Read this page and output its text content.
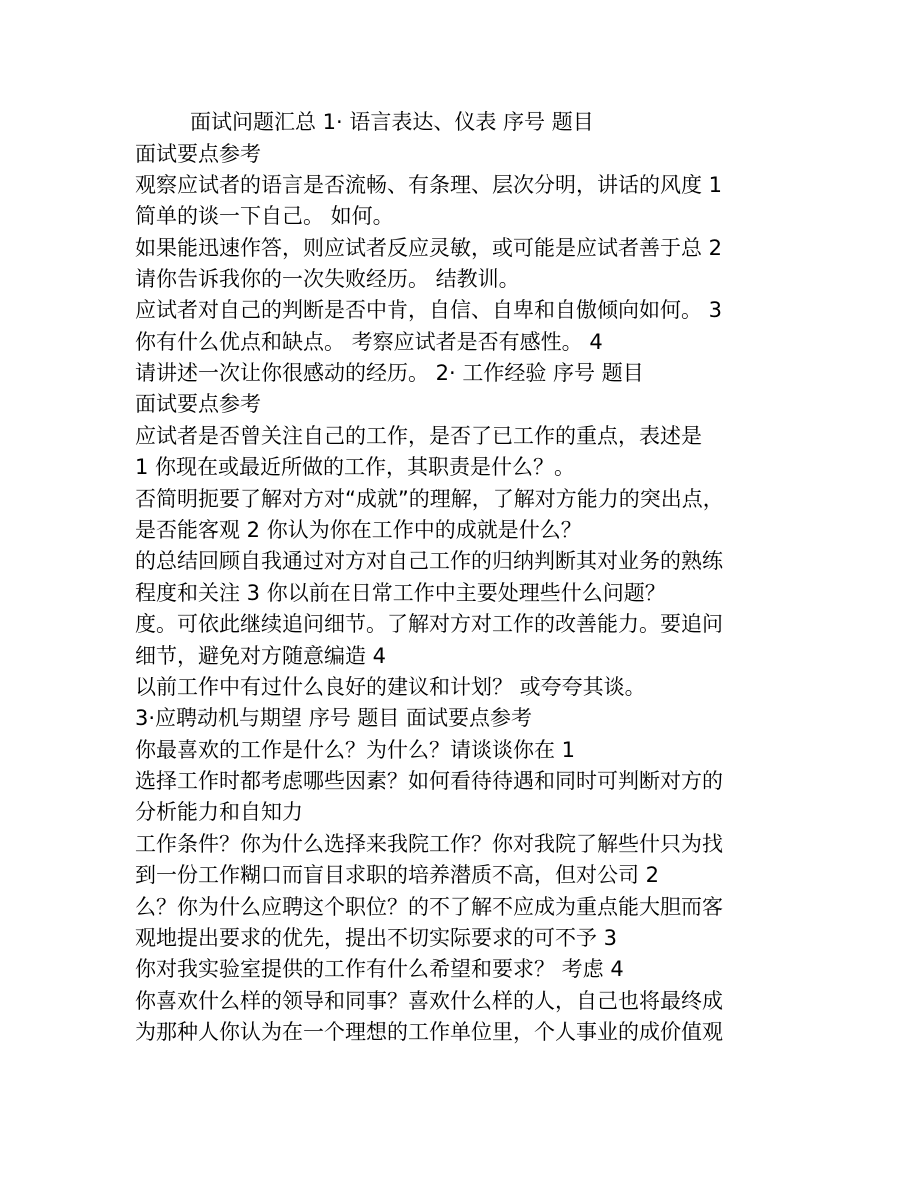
面试问题汇总 1· 语言表达、仪表 序号 题目
面试要点参考
观察应试者的语言是否流畅、有条理、层次分明，讲话的风度 1
简单的谈一下自己。 如何。
如果能迅速作答，则应试者反应灵敏，或可能是应试者善于总 2
请你告诉我你的一次失败经历。 结教训。
应试者对自己的判断是否中肯，自信、自卑和自傲倾向如何。 3
你有什么优点和缺点。 考察应试者是否有感性。 4
请讲述一次让你很感动的经历。 2· 工作经验 序号 题目
面试要点参考
应试者是否曾关注自己的工作，是否了已工作的重点，表述是
1 你现在或最近所做的工作，其职责是什么？。
否简明扼要了解对方对“成就”的理解，了解对方能力的突出点，
是否能客观 2 你认为你在工作中的成就是什么？
的总结回顾自我通过对方对自己工作的归纳判断其对业务的熟练
程度和关注 3 你以前在日常工作中主要处理些什么问题？
度。可依此继续追问细节。了解对方对工作的改善能力。要追问
细节，避免对方随意编造 4
以前工作中有过什么良好的建议和计划？ 或夸夸其谈。
3·应聘动机与期望 序号 题目 面试要点参考
你最喜欢的工作是什么？为什么？请谈谈你在 1
选择工作时都考虑哪些因素？如何看待待遇和同时可判断对方的
分析能力和自知力
工作条件？你为什么选择来我院工作？你对我院了解些什只为找
到一份工作糊口而盲目求职的培养潜质不高，但对公司 2
么？你为什么应聘这个职位？的不了解不应成为重点能大胆而客
观地提出要求的优先，提出不切实际要求的可不予 3
你对我实验室提供的工作有什么希望和要求？ 考虑 4
你喜欢什么样的领导和同事？喜欢什么样的人，自己也将最终成
为那种人你认为在一个理想的工作单位里，个人事业的成价值观
